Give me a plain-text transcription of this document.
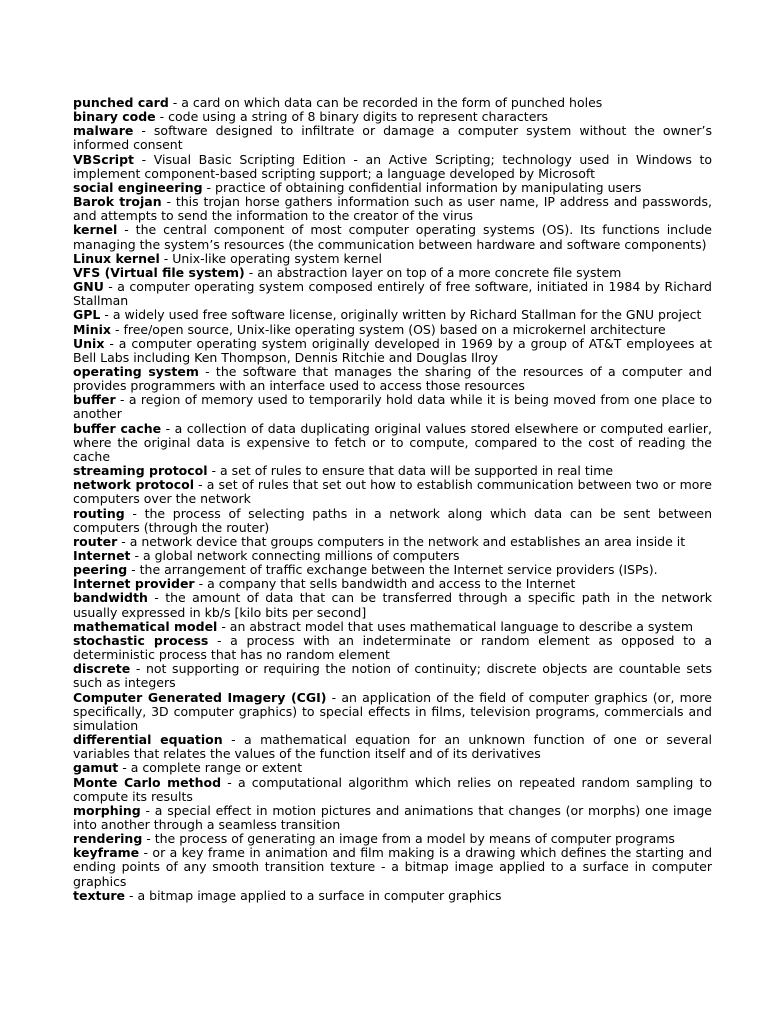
punched card - a card on which data can be recorded in the form of punched holes

binary code - code using a string of 8 binary digits to represent characters

malware - software designed to infiltrate or damage a computer system without the owner’s informed consent

VBScript - Visual Basic Scripting Edition - an Active Scripting; technology used in Windows to implement component-based scripting support; a language developed by Microsoft

social engineering - practice of obtaining confidential information by manipulating users

Barok trojan - this trojan horse gathers information such as user name, IP address and passwords, and attempts to send the information to the creator of the virus

kernel - the central component of most computer operating systems (OS). Its functions include managing the system’s resources (the communication between hardware and software components)

Linux kernel - Unix-like operating system kernel

VFS (Virtual file system) - an abstraction layer on top of a more concrete file system

GNU - a computer operating system composed entirely of free software, initiated in 1984 by Richard Stallman

GPL - a widely used free software license, originally written by Richard Stallman for the GNU project

Minix - free/open source, Unix-like operating system (OS) based on a microkernel architecture

Unix - a computer operating system originally developed in 1969 by a group of AT&T employees at Bell Labs including Ken Thompson, Dennis Ritchie and Douglas Ilroy

operating system - the software that manages the sharing of the resources of a computer and provides programmers with an interface used to access those resources

buffer - a region of memory used to temporarily hold data while it is being moved from one place to another

buffer cache - a collection of data duplicating original values stored elsewhere or computed earlier, where the original data is expensive to fetch or to compute, compared to the cost of reading the cache

streaming protocol - a set of rules to ensure that data will be supported in real time

network protocol - a set of rules that set out how to establish communication between two or more computers over the network

routing - the process of selecting paths in a network along which data can be sent between computers (through the router)

router - a network device that groups computers in the network and establishes an area inside it

Internet - a global network connecting millions of computers

peering - the arrangement of traffic exchange between the Internet service providers (ISPs).

Internet provider - a company that sells bandwidth and access to the Internet

bandwidth - the amount of data that can be transferred through a specific path in the network usually expressed in kb/s [kilo bits per second]

mathematical model - an abstract model that uses mathematical language to describe a system

stochastic process - a process with an indeterminate or random element as opposed to a deterministic process that has no random element

discrete - not supporting or requiring the notion of continuity; discrete objects are countable sets such as integers

Computer Generated Imagery (CGI) - an application of the field of computer graphics (or, more specifically, 3D computer graphics) to special effects in films, television programs, commercials and simulation

differential equation - a mathematical equation for an unknown function of one or several variables that relates the values of the function itself and of its derivatives

gamut - a complete range or extent

Monte Carlo method - a computational algorithm which relies on repeated random sampling to compute its results

morphing - a special effect in motion pictures and animations that changes (or morphs) one image into another through a seamless transition

rendering - the process of generating an image from a model by means of computer programs

keyframe - or a key frame in animation and film making is a drawing which defines the starting and ending points of any smooth transition texture - a bitmap image applied to a surface in computer graphics

texture - a bitmap image applied to a surface in computer graphics
